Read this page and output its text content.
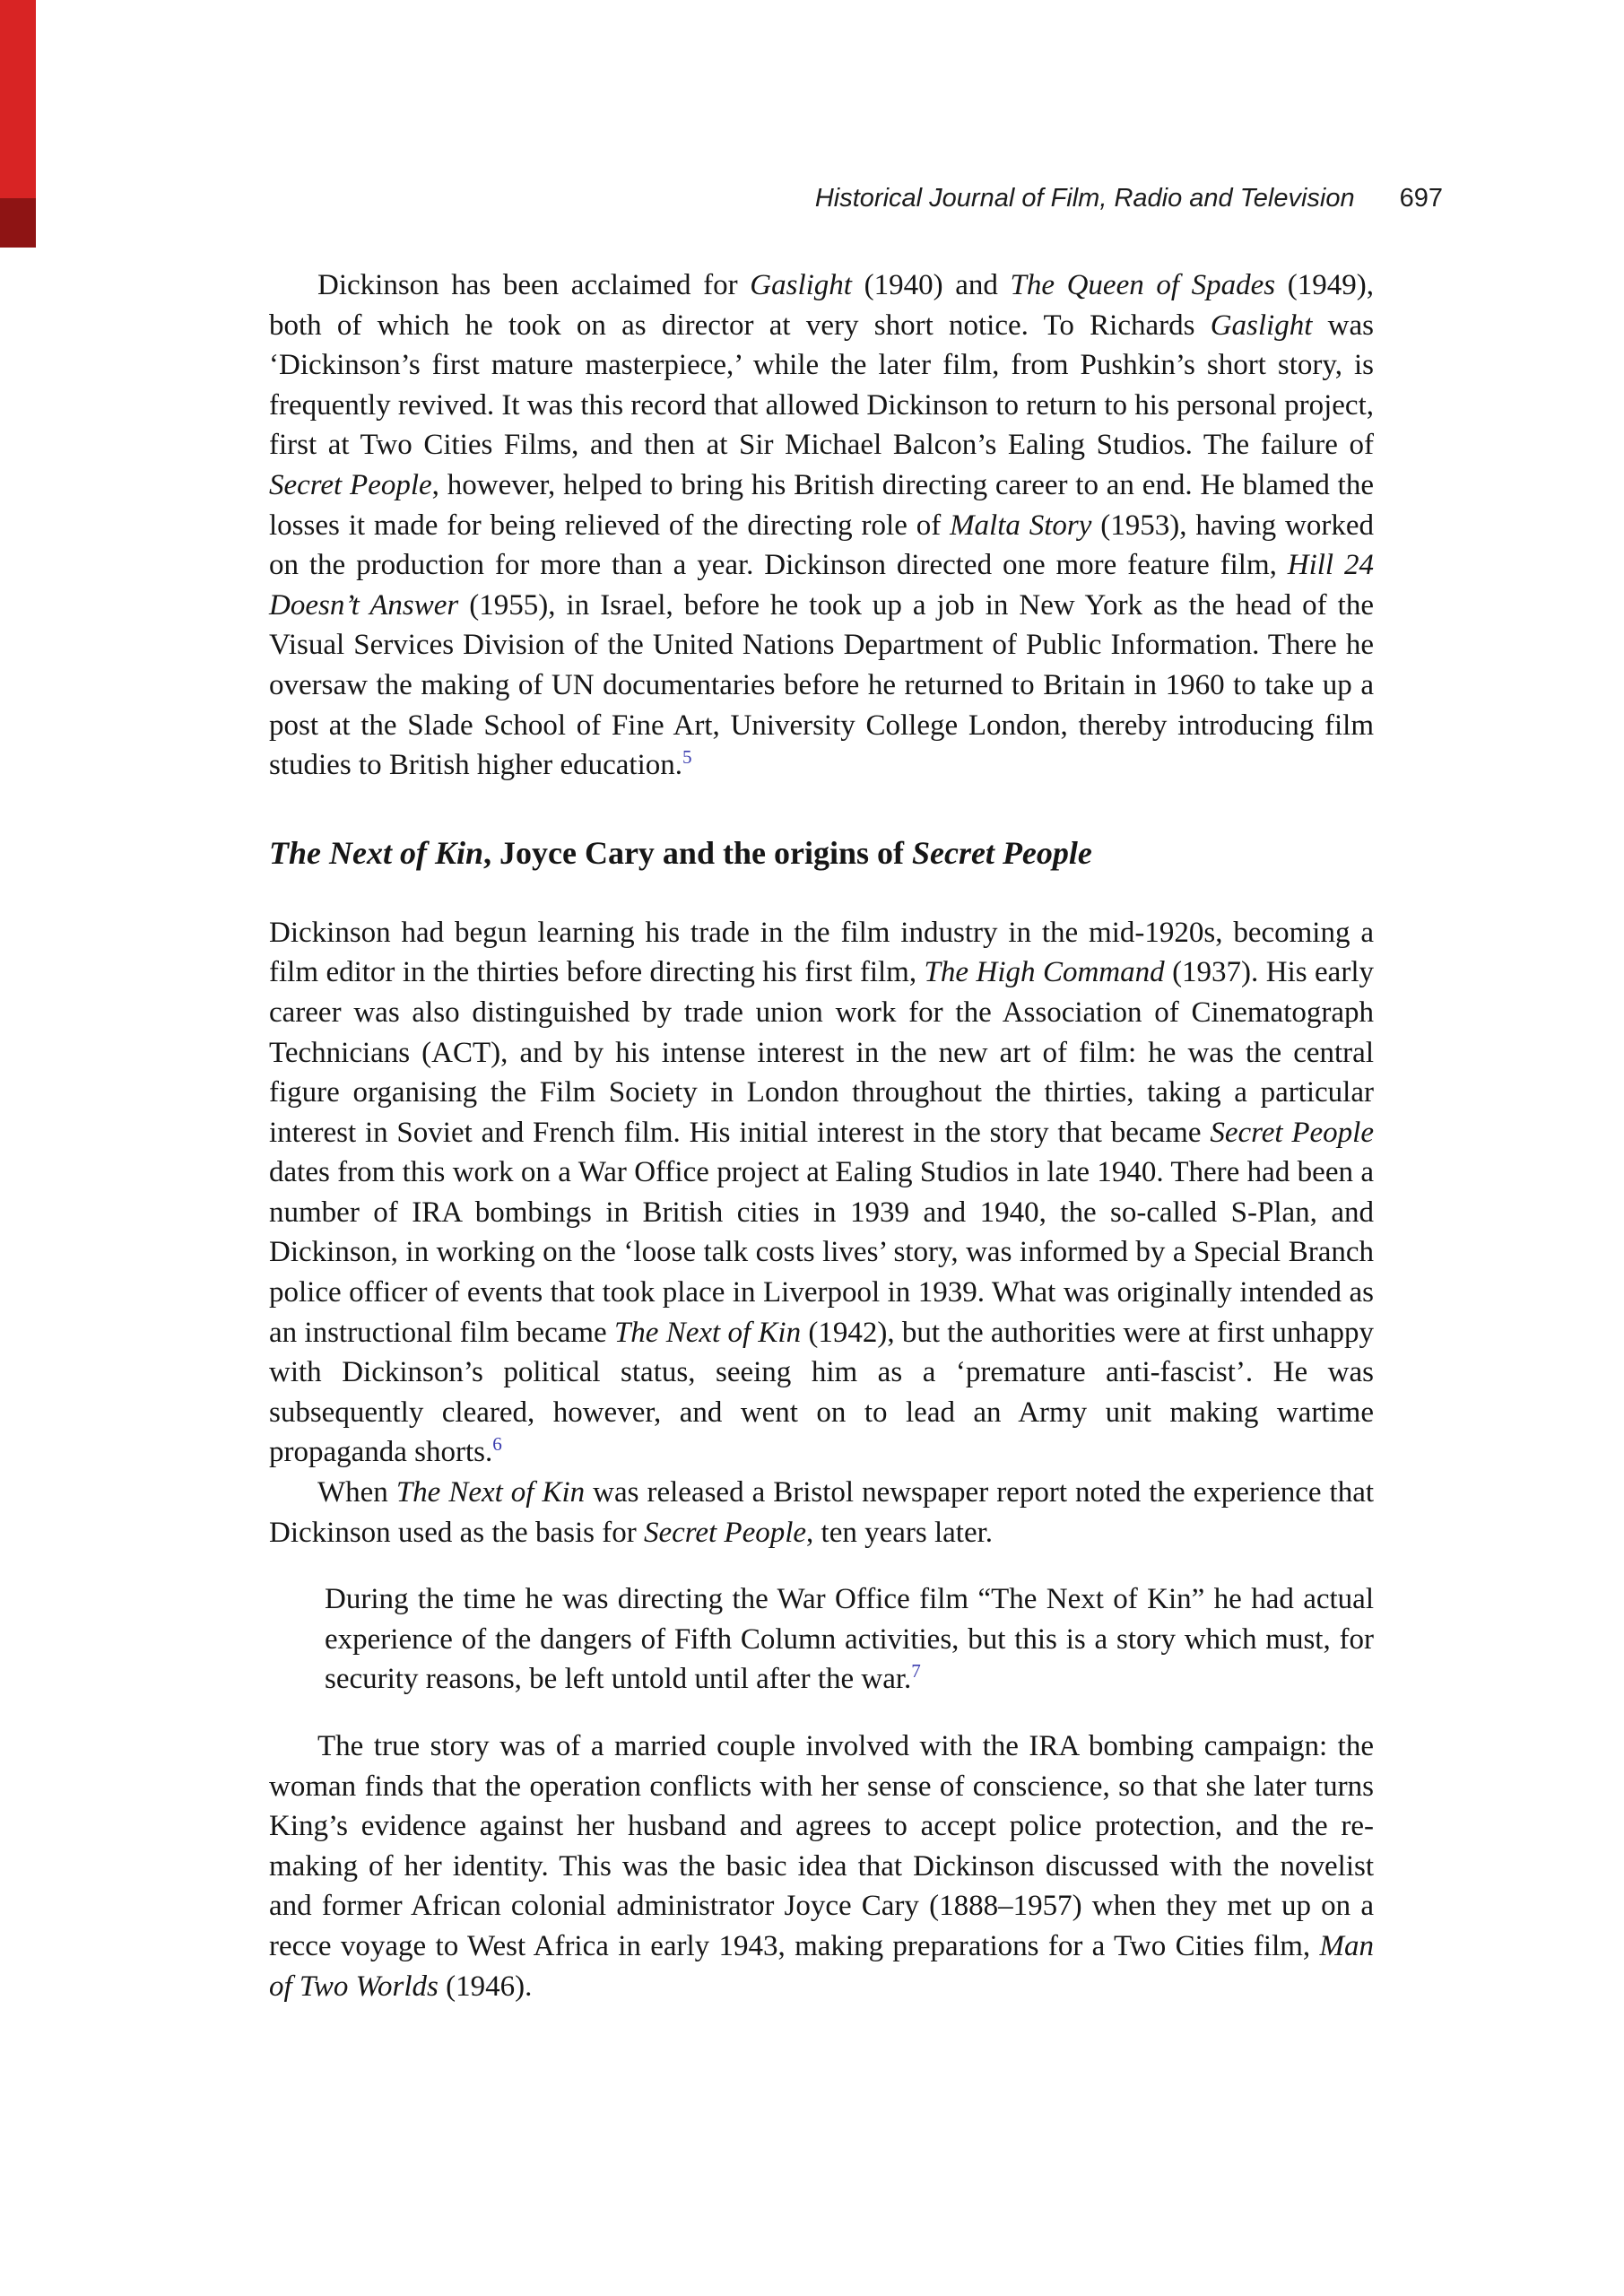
Historical Journal of Film, Radio and Television 697

Dickinson has been acclaimed for Gaslight (1940) and The Queen of Spades (1949), both of which he took on as director at very short notice. To Richards Gaslight was ‘Dickinson’s first mature masterpiece,’ while the later film, from Pushkin’s short story, is frequently revived. It was this record that allowed Dickinson to return to his personal project, first at Two Cities Films, and then at Sir Michael Balcon’s Ealing Studios. The failure of Secret People, however, helped to bring his British directing career to an end. He blamed the losses it made for being relieved of the directing role of Malta Story (1953), having worked on the production for more than a year. Dickinson directed one more feature film, Hill 24 Doesn’t Answer (1955), in Israel, before he took up a job in New York as the head of the Visual Services Division of the United Nations Department of Public Information. There he oversaw the making of UN documentaries before he returned to Britain in 1960 to take up a post at the Slade School of Fine Art, University College London, thereby introducing film studies to British higher education.$^5$

The Next of Kin, Joyce Cary and the origins of Secret People

Dickinson had begun learning his trade in the film industry in the mid-1920s, becoming a film editor in the thirties before directing his first film, The High Command (1937). His early career was also distinguished by trade union work for the Association of Cinematograph Technicians (ACT), and by his intense interest in the new art of film: he was the central figure organising the Film Society in London throughout the thirties, taking a particular interest in Soviet and French film. His initial interest in the story that became Secret People dates from this work on a War Office project at Ealing Studios in late 1940. There had been a number of IRA bombings in British cities in 1939 and 1940, the so-called S-Plan, and Dickinson, in working on the ‘loose talk costs lives’ story, was informed by a Special Branch police officer of events that took place in Liverpool in 1939. What was originally intended as an instructional film became The Next of Kin (1942), but the authorities were at first unhappy with Dickinson’s political status, seeing him as a ‘premature anti-fascist’. He was subsequently cleared, however, and went on to lead an Army unit making wartime propaganda shorts.$^6$

When The Next of Kin was released a Bristol newspaper report noted the experience that Dickinson used as the basis for Secret People, ten years later.

During the time he was directing the War Office film “The Next of Kin” he had actual experience of the dangers of Fifth Column activities, but this is a story which must, for security reasons, be left untold until after the war.$^7$

The true story was of a married couple involved with the IRA bombing campaign: the woman finds that the operation conflicts with her sense of conscience, so that she later turns King’s evidence against her husband and agrees to accept police protection, and the re-making of her identity. This was the basic idea that Dickinson discussed with the novelist and former African colonial administrator Joyce Cary (1888–1957) when they met up on a recce voyage to West Africa in early 1943, making preparations for a Two Cities film, Man of Two Worlds (1946).
